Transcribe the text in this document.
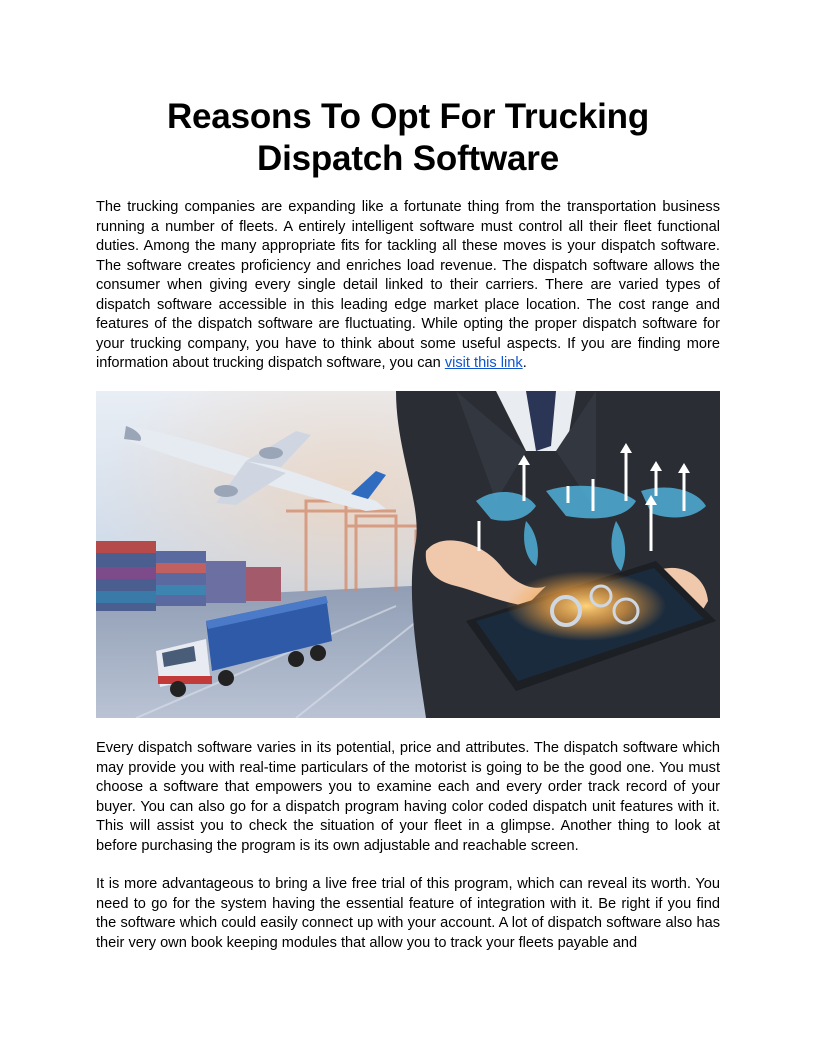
Reasons To Opt For Trucking
Dispatch Software

The trucking companies are expanding like a fortunate thing from the transportation business running a number of fleets. A entirely intelligent software must control all their fleet functional duties. Among the many appropriate fits for tackling all these moves is your dispatch software. The software creates proficiency and enriches load revenue. The dispatch software allows the consumer when giving every single detail linked to their carriers. There are varied types of dispatch software accessible in this leading edge market place location. The cost range and features of the dispatch software are fluctuating. While opting the proper dispatch software for your trucking company, you have to think about some useful aspects. If you are finding more information about trucking dispatch software, you can visit this link.

Every dispatch software varies in its potential, price and attributes. The dispatch software which may provide you with real-time particulars of the motorist is going to be the good one. You must choose a software that empowers you to examine each and every order track record of your buyer. You can also go for a dispatch program having color coded dispatch unit features with it. This will assist you to check the situation of your fleet in a glimpse. Another thing to look at before purchasing the program is its own adjustable and reachable screen.

It is more advantageous to bring a live free trial of this program, which can reveal its worth. You need to go for the system having the essential feature of integration with it. Be right if you find the software which could easily connect up with your account. A lot of dispatch software also has their very own book keeping modules that allow you to track your fleets payable and
